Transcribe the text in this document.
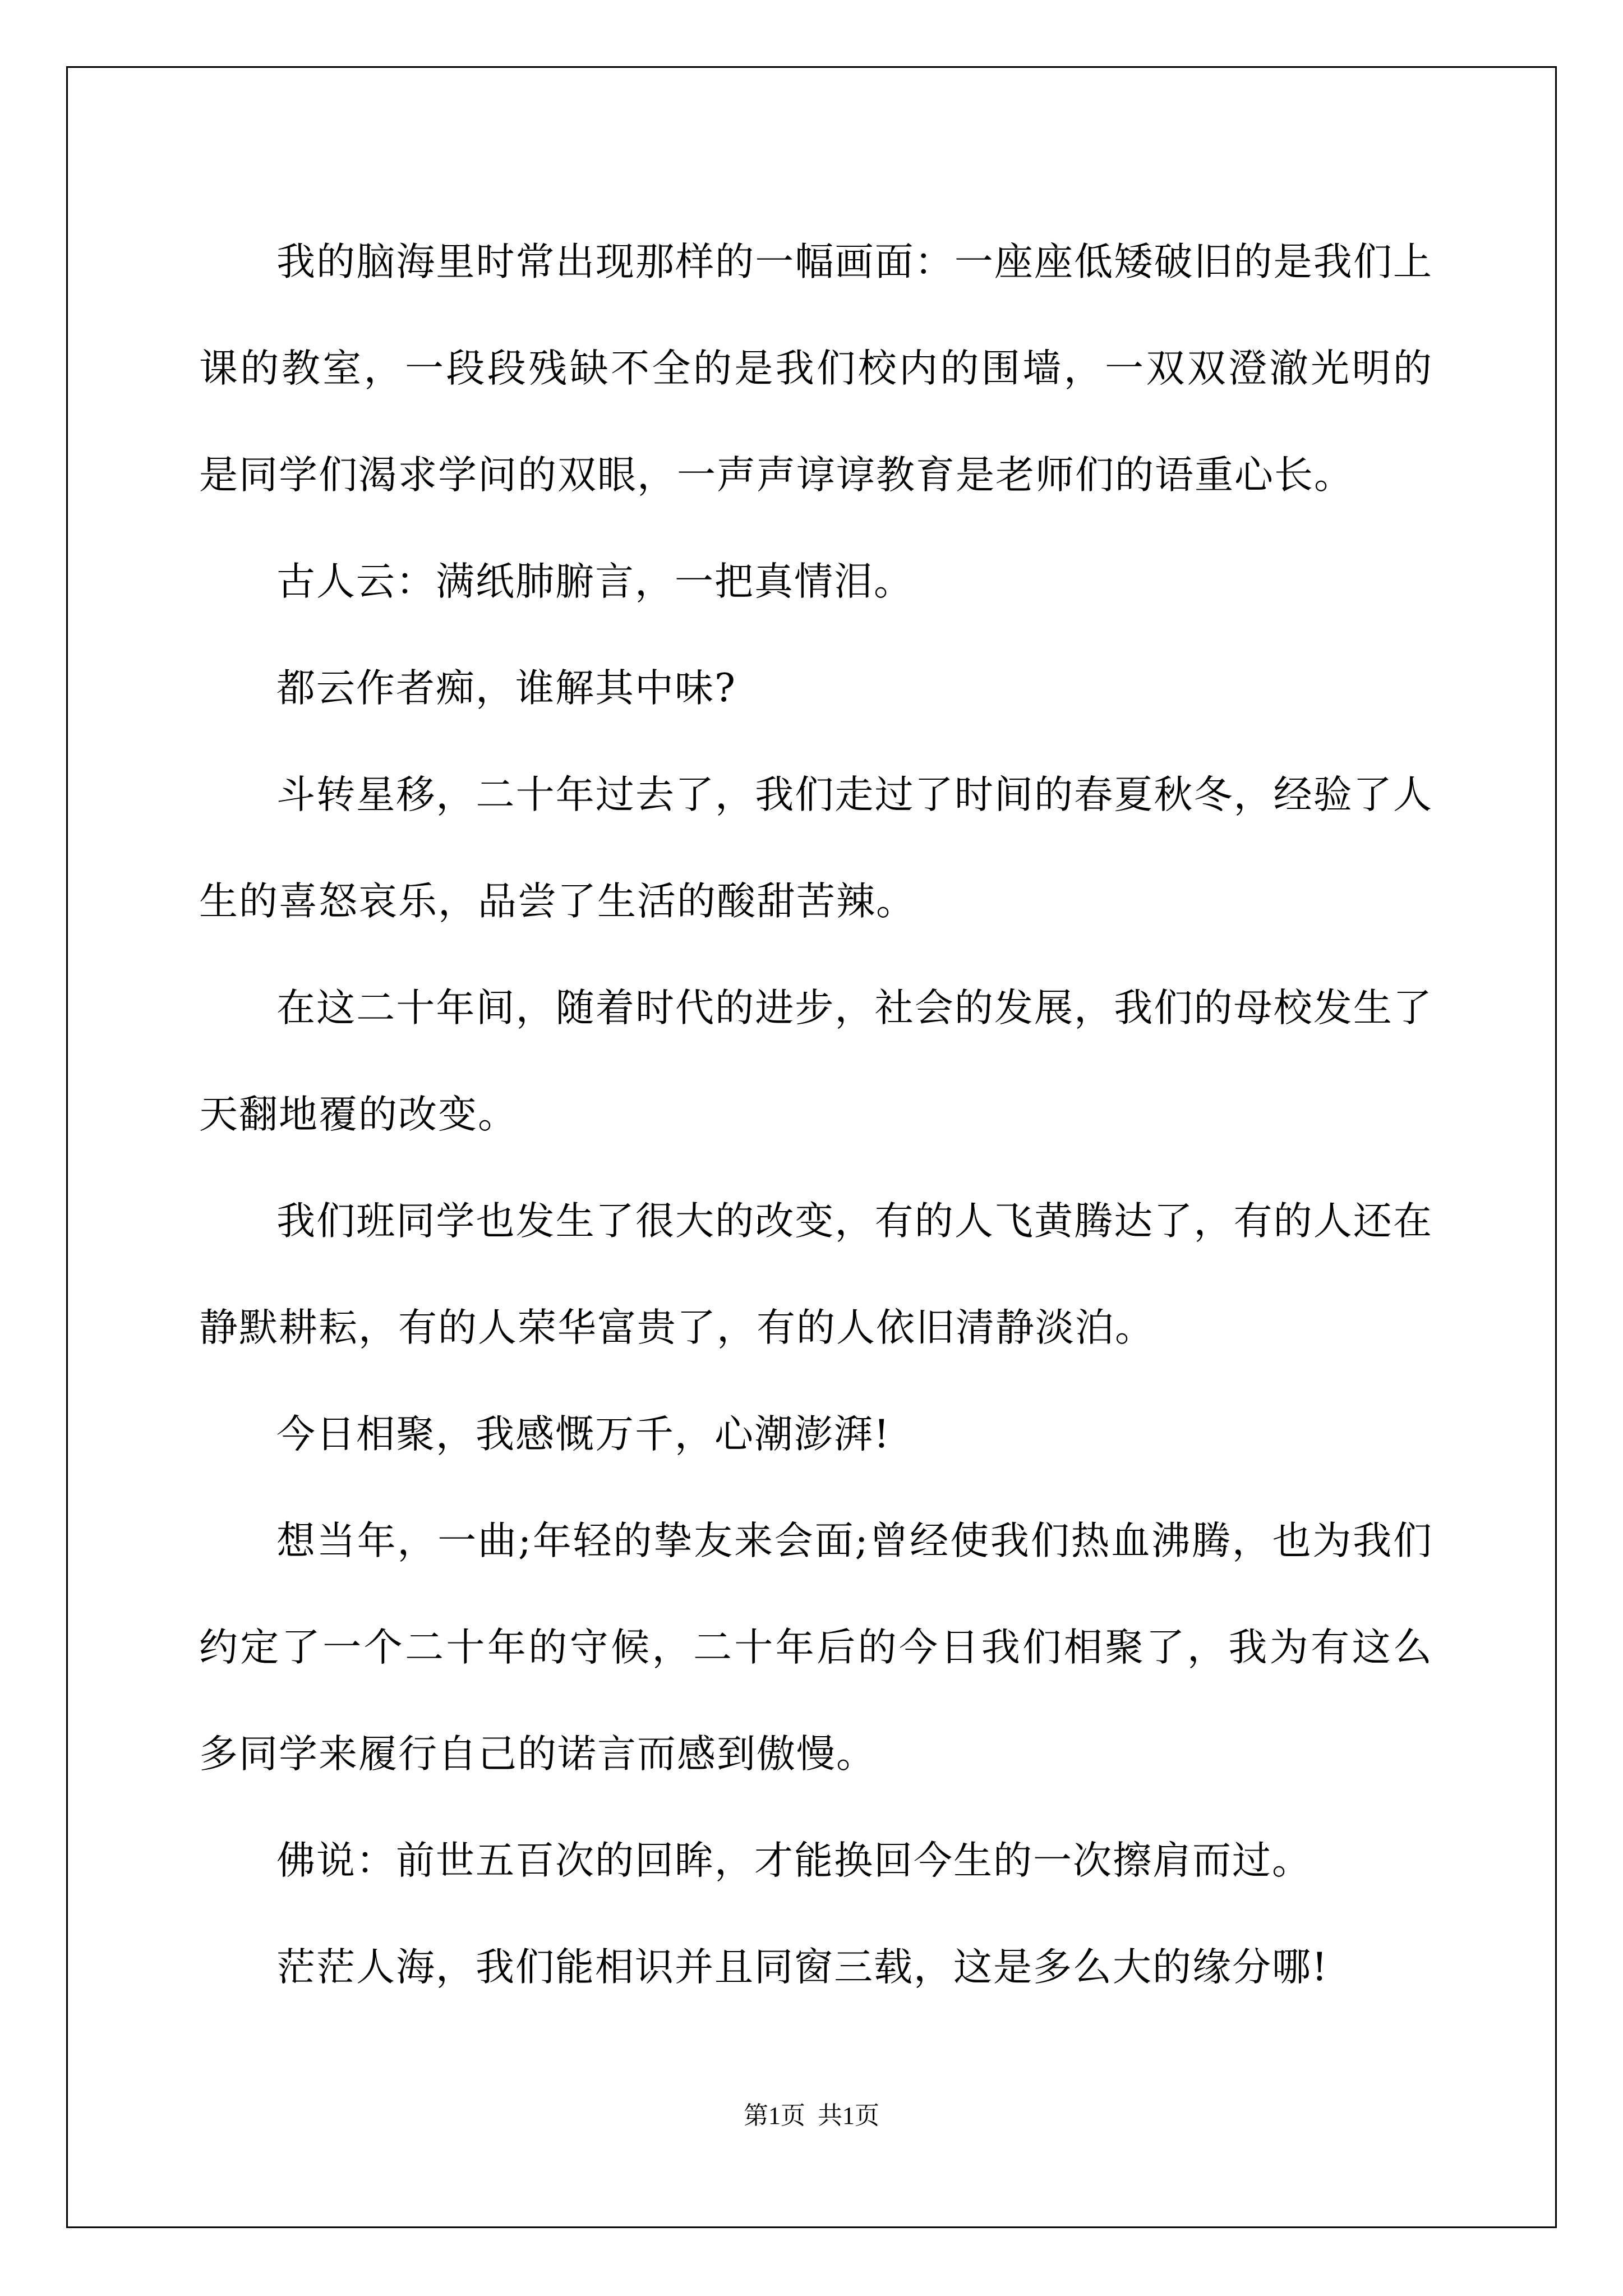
我的脑海里时常出现那样的一幅画面：一座座低矮破旧的是我们上课的教室，一段段残缺不全的是我们校内的围墙，一双双澄澈光明的是同学们渴求学问的双眼，一声声谆谆教育是老师们的语重心长。

古人云：满纸肺腑言，一把真情泪。

都云作者痴，谁解其中味?

斗转星移，二十年过去了，我们走过了时间的春夏秋冬，经验了人生的喜怒哀乐，品尝了生活的酸甜苦辣。

在这二十年间，随着时代的进步，社会的发展，我们的母校发生了天翻地覆的改变。

我们班同学也发生了很大的改变，有的人飞黄腾达了，有的人还在静默耕耘，有的人荣华富贵了，有的人依旧清静淡泊。

今日相聚，我感慨万千，心潮澎湃!

想当年，一曲;年轻的挚友来会面;曾经使我们热血沸腾，也为我们约定了一个二十年的守候，二十年后的今日我们相聚了，我为有这么多同学来履行自己的诺言而感到傲慢。

佛说：前世五百次的回眸，才能换回今生的一次擦肩而过。

茫茫人海，我们能相识并且同窗三载，这是多么大的缘分哪!

第1页  共1页
